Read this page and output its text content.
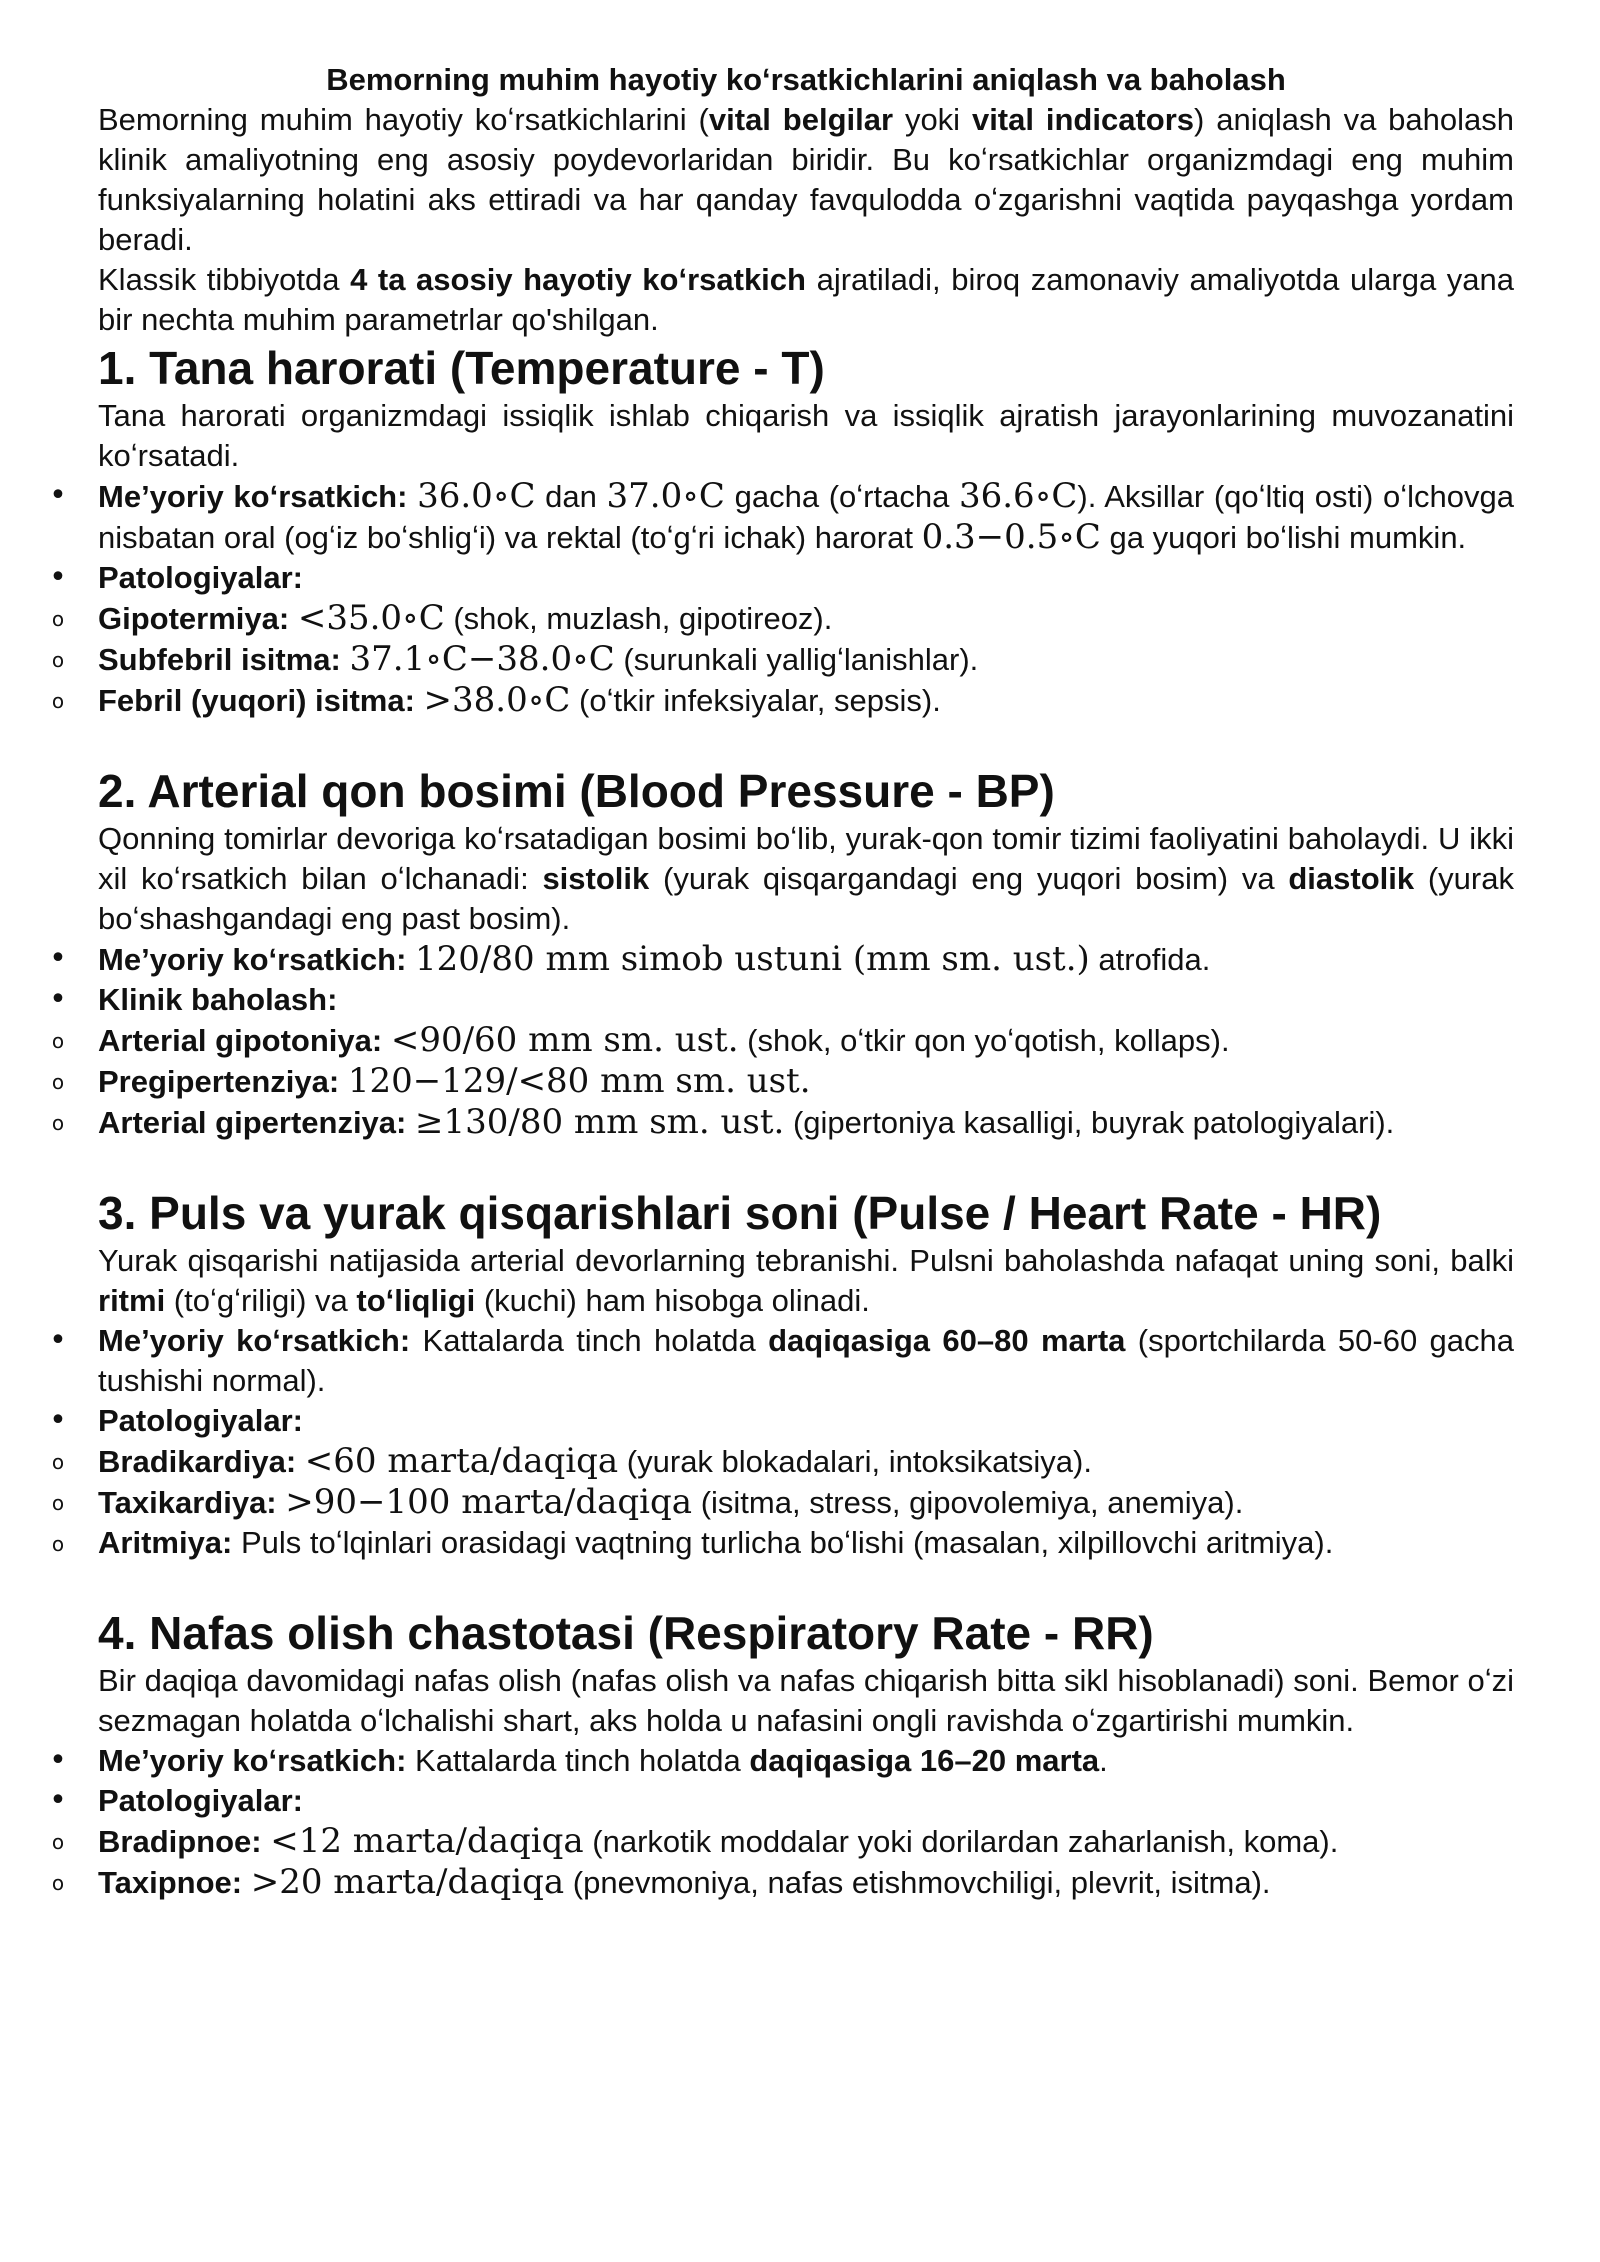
Bemorning muhim hayotiy koʻrsatkichlarini aniqlash va baholash

Bemorning muhim hayotiy koʻrsatkichlarini (vital belgilar yoki vital indicators) aniqlash va baholash klinik amaliyotning eng asosiy poydevorlaridan biridir. Bu koʻrsatkichlar organizmdagi eng muhim funksiyalarning holatini aks ettiradi va har qanday favqulodda oʻzgarishni vaqtida payqashga yordam beradi.

Klassik tibbiyotda 4 ta asosiy hayotiy koʻrsatkich ajratiladi, biroq zamonaviy amaliyotda ularga yana bir nechta muhim parametrlar qo'shilgan.

1. Tana harorati (Temperature - T)

Tana harorati organizmdagi issiqlik ishlab chiqarish va issiqlik ajratish jarayonlarining muvozanatini koʻrsatadi.

• Me’yoriy koʻrsatkich: 36.0∘C dan 37.0∘C gacha (oʻrtacha 36.6∘C). Aksillar (qoʻltiq osti) oʻlchovga nisbatan oral (ogʻiz boʻshligʻi) va rektal (toʻgʻri ichak) harorat 0.3−0.5∘C ga yuqori boʻlishi mumkin.
• Patologiyalar:
o Gipotermiya: <35.0∘C (shok, muzlash, gipotireoz).
o Subfebril isitma: 37.1∘C−38.0∘C (surunkali yalligʻlanishlar).
o Febril (yuqori) isitma: >38.0∘C (oʻtkir infeksiyalar, sepsis).
2. Arterial qon bosimi (Blood Pressure - BP)

Qonning tomirlar devoriga koʻrsatadigan bosimi boʻlib, yurak-qon tomir tizimi faoliyatini baholaydi. U ikki xil koʻrsatkich bilan oʻlchanadi: sistolik (yurak qisqargandagi eng yuqori bosim) va diastolik (yurak boʻshashgandagi eng past bosim).

• Me’yoriy koʻrsatkich: 120/80 mm simob ustuni (mm sm. ust.) atrofida.
• Klinik baholash:
o Arterial gipotoniya: <90/60 mm sm. ust. (shok, oʻtkir qon yoʻqotish, kollaps).
o Pregipertenziya: 120−129/<80 mm sm. ust.
o Arterial gipertenziya: ≥130/80 mm sm. ust. (gipertoniya kasalligi, buyrak patologiyalari).
3. Puls va yurak qisqarishlari soni (Pulse / Heart Rate - HR)

Yurak qisqarishi natijasida arterial devorlarning tebranishi. Pulsni baholashda nafaqat uning soni, balki ritmi (toʻgʻriligi) va toʻliqligi (kuchi) ham hisobga olinadi.

• Me’yoriy koʻrsatkich: Kattalarda tinch holatda daqiqasiga 60–80 marta (sportchilarda 50-60 gacha tushishi normal).
• Patologiyalar:
o Bradikardiya: <60 marta/daqiqa (yurak blokadalari, intoksikatsiya).
o Taxikardiya: >90−100 marta/daqiqa (isitma, stress, gipovolemiya, anemiya).
o Aritmiya: Puls toʻlqinlari orasidagi vaqtning turlicha boʻlishi (masalan, xilpillovchi aritmiya).
4. Nafas olish chastotasi (Respiratory Rate - RR)

Bir daqiqa davomidagi nafas olish (nafas olish va nafas chiqarish bitta sikl hisoblanadi) soni. Bemor oʻzi sezmagan holatda oʻlchalishi shart, aks holda u nafasini ongli ravishda oʻzgartirishi mumkin.

• Me’yoriy koʻrsatkich: Kattalarda tinch holatda daqiqasiga 16–20 marta.
• Patologiyalar:
o Bradipnoe: <12 marta/daqiqa (narkotik moddalar yoki dorilardan zaharlanish, koma).
o Taxipnoe: >20 marta/daqiqa (pnevmoniya, nafas etishmovchiligi, plevrit, isitma).
